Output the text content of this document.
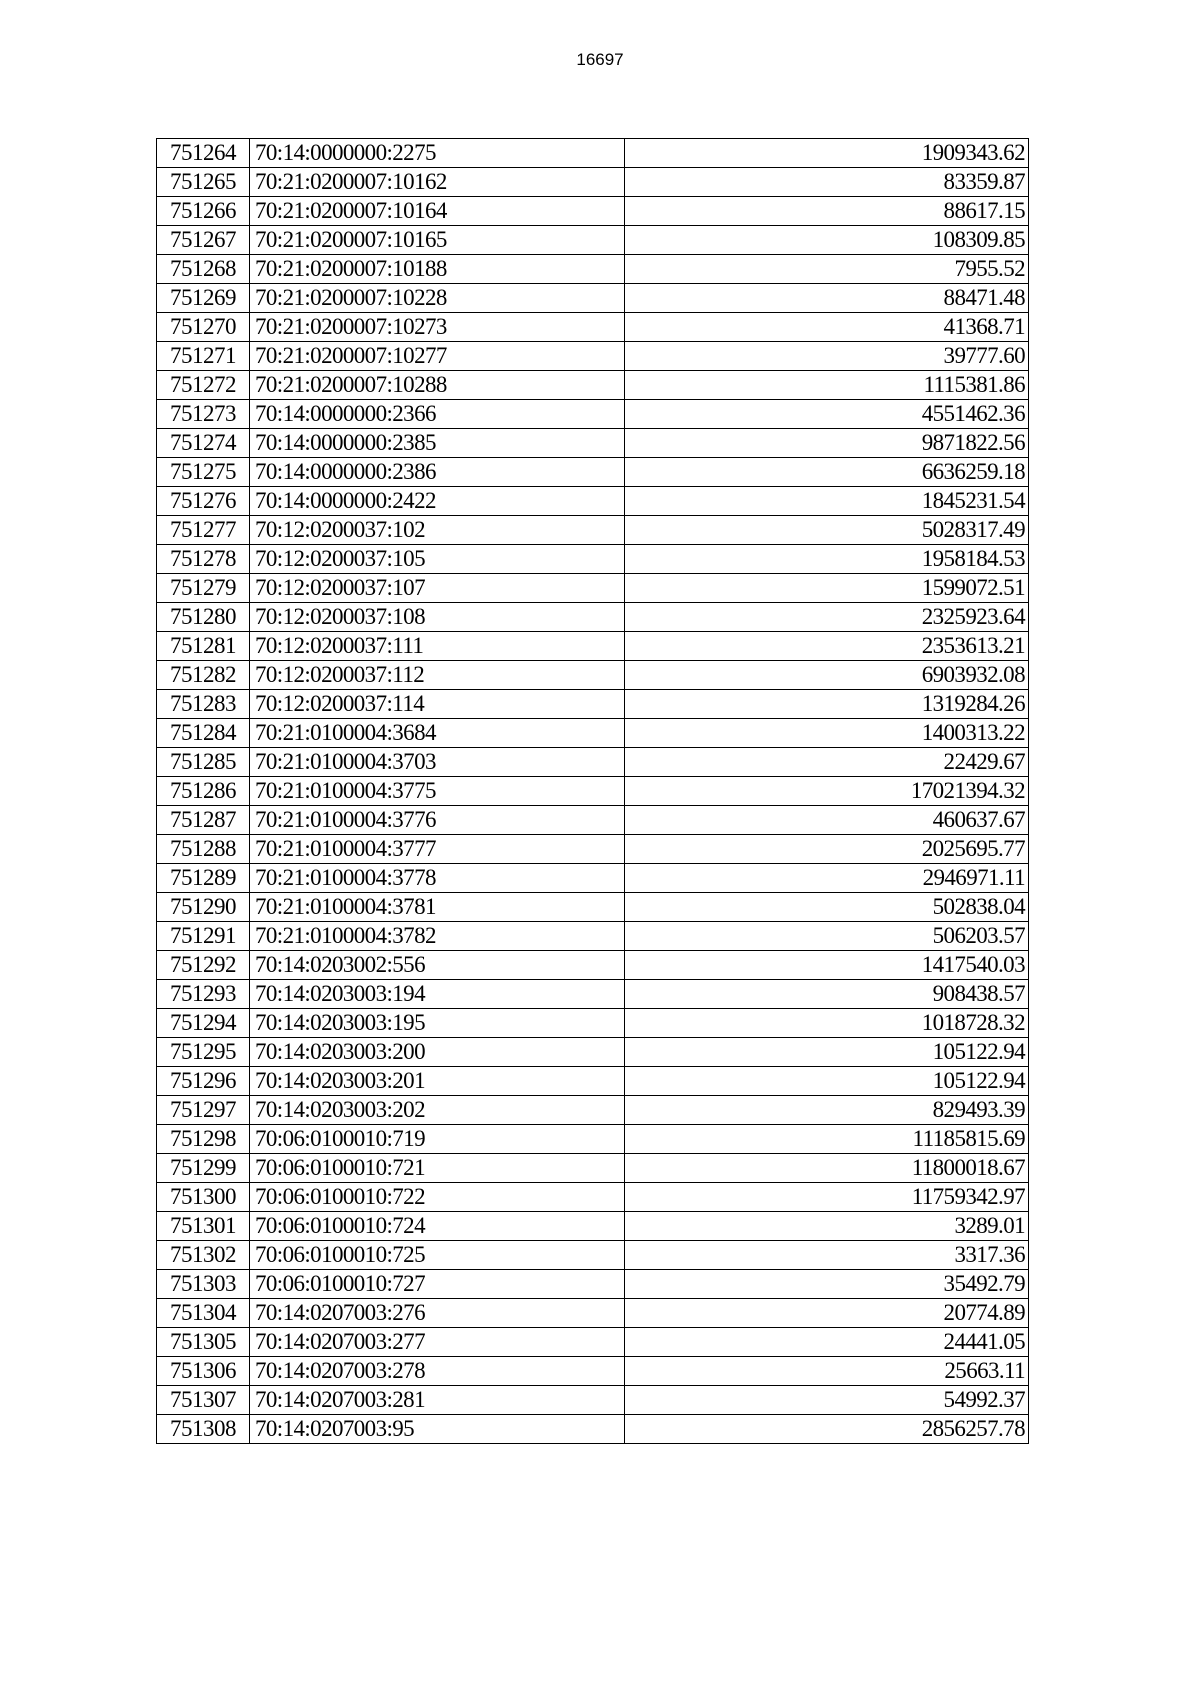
16697
751264	70:14:0000000:2275	1909343.62
751265	70:21:0200007:10162	83359.87
751266	70:21:0200007:10164	88617.15
751267	70:21:0200007:10165	108309.85
751268	70:21:0200007:10188	7955.52
751269	70:21:0200007:10228	88471.48
751270	70:21:0200007:10273	41368.71
751271	70:21:0200007:10277	39777.60
751272	70:21:0200007:10288	1115381.86
751273	70:14:0000000:2366	4551462.36
751274	70:14:0000000:2385	9871822.56
751275	70:14:0000000:2386	6636259.18
751276	70:14:0000000:2422	1845231.54
751277	70:12:0200037:102	5028317.49
751278	70:12:0200037:105	1958184.53
751279	70:12:0200037:107	1599072.51
751280	70:12:0200037:108	2325923.64
751281	70:12:0200037:111	2353613.21
751282	70:12:0200037:112	6903932.08
751283	70:12:0200037:114	1319284.26
751284	70:21:0100004:3684	1400313.22
751285	70:21:0100004:3703	22429.67
751286	70:21:0100004:3775	17021394.32
751287	70:21:0100004:3776	460637.67
751288	70:21:0100004:3777	2025695.77
751289	70:21:0100004:3778	2946971.11
751290	70:21:0100004:3781	502838.04
751291	70:21:0100004:3782	506203.57
751292	70:14:0203002:556	1417540.03
751293	70:14:0203003:194	908438.57
751294	70:14:0203003:195	1018728.32
751295	70:14:0203003:200	105122.94
751296	70:14:0203003:201	105122.94
751297	70:14:0203003:202	829493.39
751298	70:06:0100010:719	11185815.69
751299	70:06:0100010:721	11800018.67
751300	70:06:0100010:722	11759342.97
751301	70:06:0100010:724	3289.01
751302	70:06:0100010:725	3317.36
751303	70:06:0100010:727	35492.79
751304	70:14:0207003:276	20774.89
751305	70:14:0207003:277	24441.05
751306	70:14:0207003:278	25663.11
751307	70:14:0207003:281	54992.37
751308	70:14:0207003:95	2856257.78
